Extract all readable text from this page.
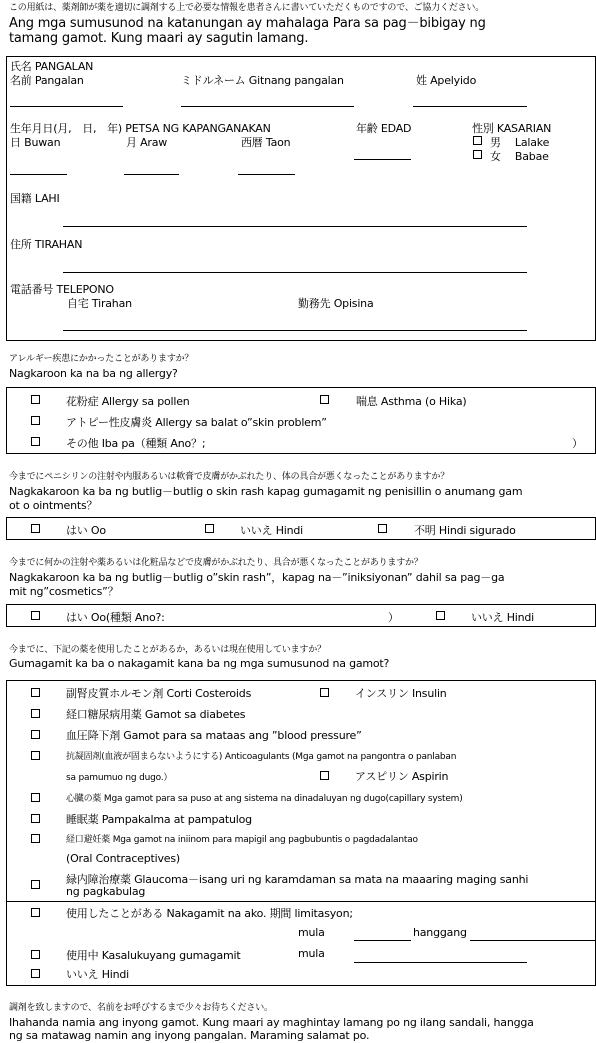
この用紙は、薬剤師が薬を適切に調剤する上で必要な情報を患者さんに書いていただくものですので、ご協力ください。
Ang mga sumusunod na katanungan ay mahalaga Para sa pag－bibigay ng
tamang gamot. Kung maari ay sagutin lamang.
氏名 PANGALAN
名前 Pangalan	ミドルネーム Gitnang pangalan	姓 Apelyido
生年月日(月,　日,　年) PETSA NG KAPANGANAKAN	年齢 EDAD	性別 KASARIAN
日 Buwan	月 Araw	西暦 Taon	男　 Lalake
女　 Babae
国籍 LAHI
住所 TIRAHAN
電話番号 TELEPONO
自宅 Tirahan	勤務先 Opisina
アレルギー疾患にかかったことがありますか？
Nagkaroon ka na ba ng allergy?
花粉症 Allergy sa pollen	喘息 Asthma (o Hika)
アトピー性皮膚炎 Allergy sa balat o”skin problem”
その他 Iba pa（種類 Ano？;	）
今までにペニシリンの注射や内服あるいは軟膏で皮膚がかぶれたり、体の具合が悪くなったことがありますか？
Nagkakaroon ka ba ng butlig－butlig o skin rash kapag gumagamit ng penisillin o anumang gam
ot o ointments？
はい Oo	いいえ Hindi	不明 Hindi sigurado
今までに何かの注射や薬あるいは化粧品などで皮膚がかぶれたり、具合が悪くなったことがありますか？
Nagkakaroon ka ba ng butlig－butlig o”skin rash”，kapag na－”iniksiyonan” dahil sa pag－ga
mit ng”cosmetics”？
はい Oo(種類 Ano?:	）	いいえ Hindi
今までに、下記の薬を使用したことがあるか，あるいは現在使用していますか？
Gumagamit ka ba o nakagamit kana ba ng mga sumusunod na gamot?
副腎皮質ホルモン剤 Corti Costeroids	インスリン Insulin
経口糖尿病用薬 Gamot sa diabetes
血圧降下剤 Gamot para sa mataas ang ”blood pressure”
抗凝固剤(血液が固まらないようにする) Anticoagulants (Mga gamot na pangontra o panlaban
sa pamumuo ng dugo.）	アスピリン Aspirin
心臓の薬 Mga gamot para sa puso at ang sistema na dinadaluyan ng dugo(capillary system)
睡眠薬 Pampakalma at pampatulog
経口避妊薬 Mga gamot na iniinom para mapigil ang pagbubuntis o pagdadalantao
(Oral Contraceptives)
緑内障治療薬 Glaucoma－isang uri ng karamdaman sa mata na maaaring maging sanhi
ng pagkabulag
使用したことがある Nakagamit na ako. 期間 limitasyon;
mula	hanggang
使用中 Kasalukuyang gumagamit	mula
いいえ Hindi
調剤を致しますので、名前をお呼びするまで少々お待ちください。
Ihahanda namia ang inyong gamot. Kung maari ay maghintay lamang po ng ilang sandali, hangga
ng sa matawag namin ang inyong pangalan. Maraming salamat po.
